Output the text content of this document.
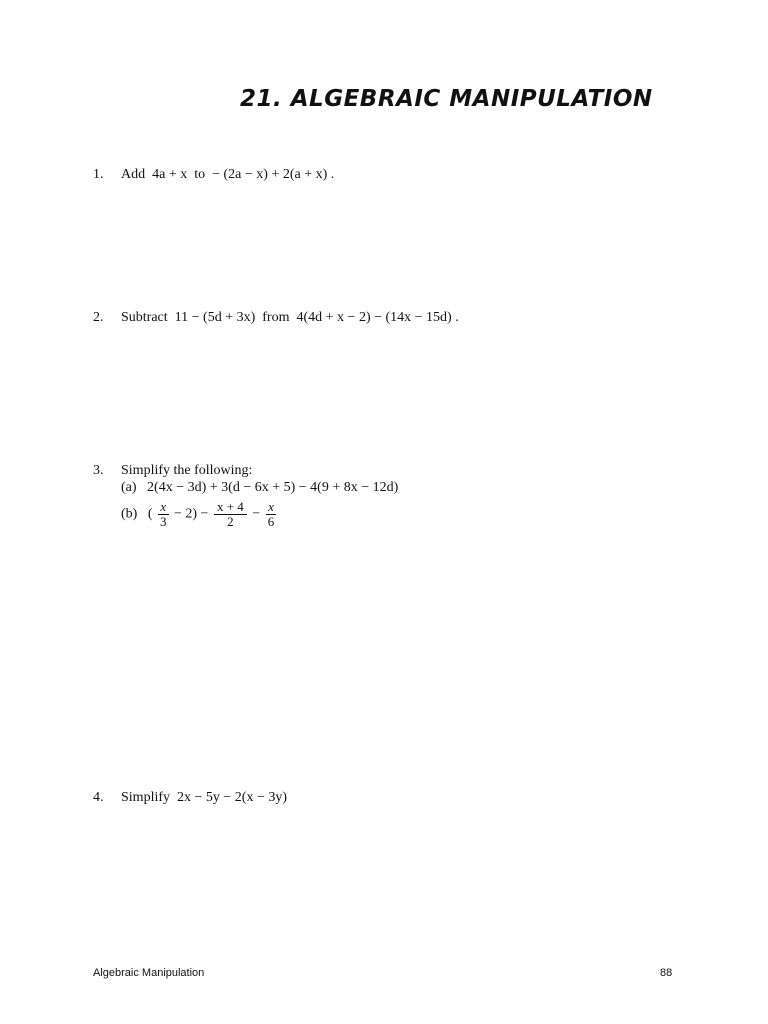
21. ALGEBRAIC MANIPULATION
1. Add 4a + x to − (2a − x) + 2(a + x) .
2. Subtract 11 − (5d + 3x) from 4(4d + x − 2) − (14x − 15d) .
3. Simplify the following:
(a) 2(4x − 3d) + 3(d − 6x + 5) − 4(9 + 8x − 12d)
(b) ( $\frac{x}{3} - 2) - \frac{x + 4}{2} - \frac{x}{6}$
4. Simplify 2x − 5y − 2(x − 3y)
Algebraic Manipulation	88
